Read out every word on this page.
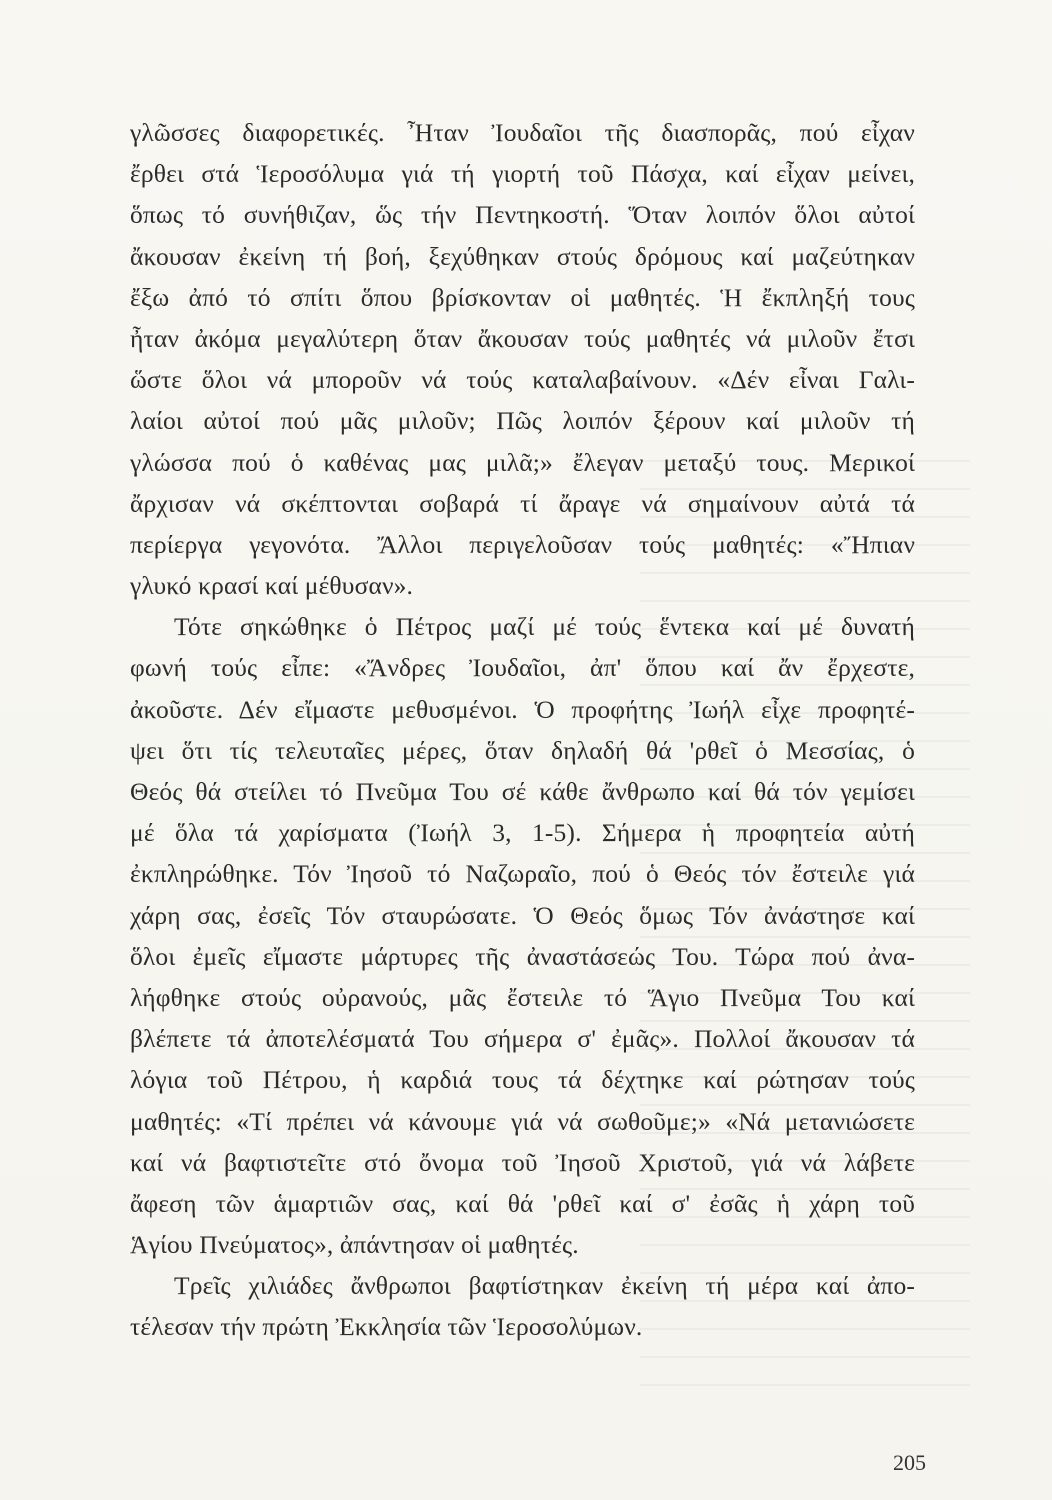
γλῶσσες διαφορετικές. Ἦταν Ἰουδαῖοι τῆς διασπορᾶς, πού εἶχαν
ἔρθει στά Ἱεροσόλυμα γιά τή γιορτή τοῦ Πάσχα, καί εἶχαν μείνει,
ὅπως τό συνήθιζαν, ὥς τήν Πεντηκοστή. Ὅταν λοιπόν ὅλοι αὐτοί
ἄκουσαν ἐκείνη τή βοή, ξεχύθηκαν στούς δρόμους καί μαζεύτηκαν
ἔξω ἀπό τό σπίτι ὅπου βρίσκονταν οἱ μαθητές. Ἡ ἔκπληξή τους
ἦταν ἀκόμα μεγαλύτερη ὅταν ἄκουσαν τούς μαθητές νά μιλοῦν ἔτσι
ὥστε ὅλοι νά μποροῦν νά τούς καταλαβαίνουν. «Δέν εἶναι Γαλι-
λαίοι αὐτοί πού μᾶς μιλοῦν; Πῶς λοιπόν ξέρουν καί μιλοῦν τή
γλώσσα πού ὁ καθένας μας μιλᾶ;» ἔλεγαν μεταξύ τους. Μερικοί
ἄρχισαν νά σκέπτονται σοβαρά τί ἄραγε νά σημαίνουν αὐτά τά
περίεργα γεγονότα. Ἄλλοι περιγελοῦσαν τούς μαθητές: «Ἤπιαν
γλυκό κρασί καί μέθυσαν».
Τότε σηκώθηκε ὁ Πέτρος μαζί μέ τούς ἕντεκα καί μέ δυνατή
φωνή τούς εἶπε: «Ἄνδρες Ἰουδαῖοι, ἀπ' ὅπου καί ἄν ἔρχεστε,
ἀκοῦστε. Δέν εἴμαστε μεθυσμένοι. Ὁ προφήτης Ἰωήλ εἶχε προφητέ-
ψει ὅτι τίς τελευταῖες μέρες, ὅταν δηλαδή θά 'ρθεῖ ὁ Μεσσίας, ὁ
Θεός θά στείλει τό Πνεῦμα Του σέ κάθε ἄνθρωπο καί θά τόν γεμίσει
μέ ὅλα τά χαρίσματα (Ἰωήλ 3, 1-5). Σήμερα ἡ προφητεία αὐτή
ἐκπληρώθηκε. Τόν Ἰησοῦ τό Ναζωραῖο, πού ὁ Θεός τόν ἔστειλε γιά
χάρη σας, ἐσεῖς Τόν σταυρώσατε. Ὁ Θεός ὅμως Τόν ἀνάστησε καί
ὅλοι ἐμεῖς εἴμαστε μάρτυρες τῆς ἀναστάσεώς Του. Τώρα πού ἀνα-
λήφθηκε στούς οὐρανούς, μᾶς ἔστειλε τό Ἅγιο Πνεῦμα Του καί
βλέπετε τά ἀποτελέσματά Του σήμερα σ' ἐμᾶς». Πολλοί ἄκουσαν τά
λόγια τοῦ Πέτρου, ἡ καρδιά τους τά δέχτηκε καί ρώτησαν τούς
μαθητές: «Τί πρέπει νά κάνουμε γιά νά σωθοῦμε;» «Νά μετανιώσετε
καί νά βαφτιστεῖτε στό ὄνομα τοῦ Ἰησοῦ Χριστοῦ, γιά νά λάβετε
ἄφεση τῶν ἁμαρτιῶν σας, καί θά 'ρθεῖ καί σ' ἐσᾶς ἡ χάρη τοῦ
Ἁγίου Πνεύματος», ἀπάντησαν οἱ μαθητές.
Τρεῖς χιλιάδες ἄνθρωποι βαφτίστηκαν ἐκείνη τή μέρα καί ἀπο-
τέλεσαν τήν πρώτη Ἐκκλησία τῶν Ἱεροσολύμων.
205
